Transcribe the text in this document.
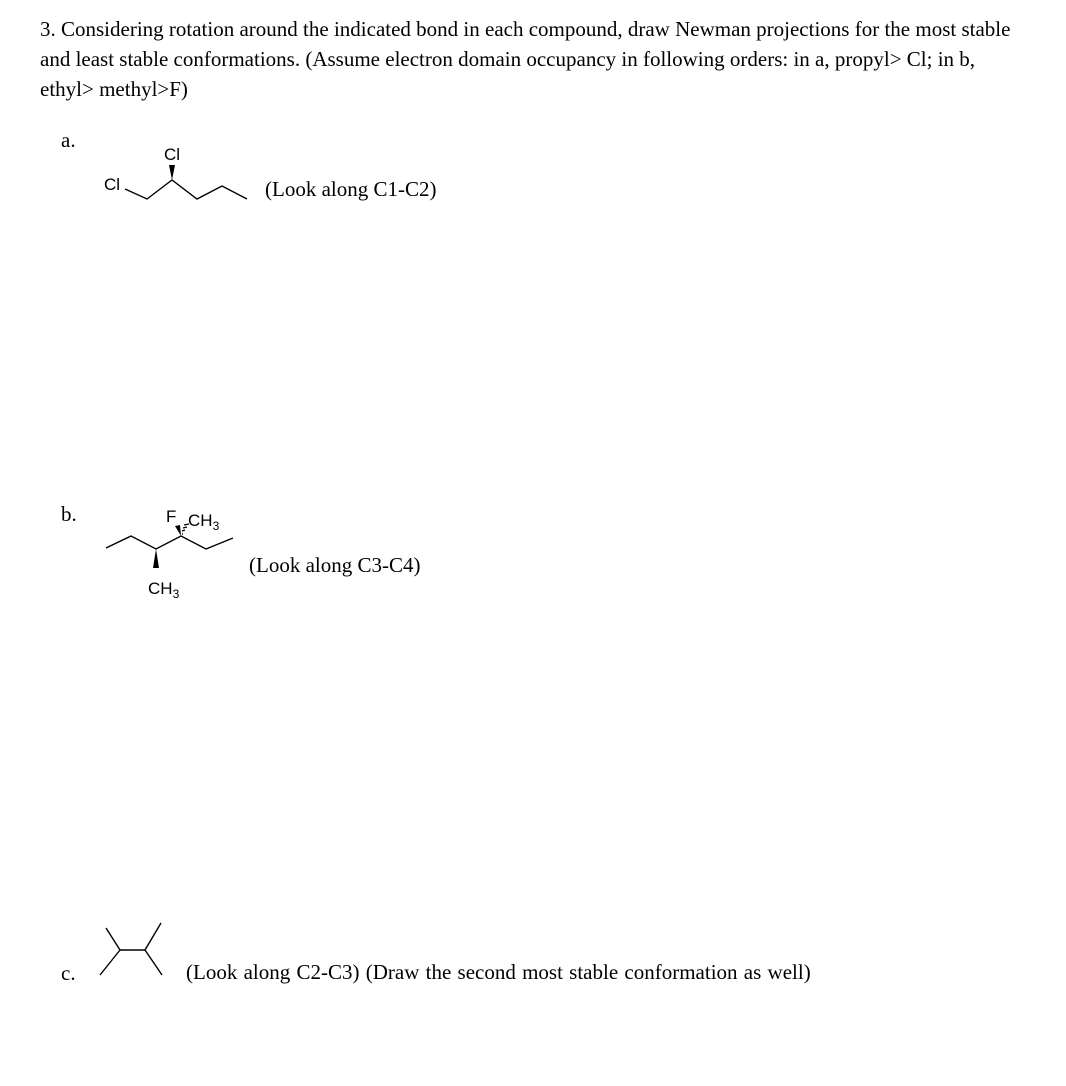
3. Considering rotation around the indicated bond in each compound, draw Newman projections for the most stable and least stable conformations. (Assume electron domain occupancy in following orders: in a, propyl> Cl; in b, ethyl> methyl>F)

a.
Cl
Cl	(Look along C1-C2)
b.	F $CH_3$
$CH_3$
(Look along C3-C4)
c.	(Look along C2-C3) (Draw the second most stable conformation as well)
